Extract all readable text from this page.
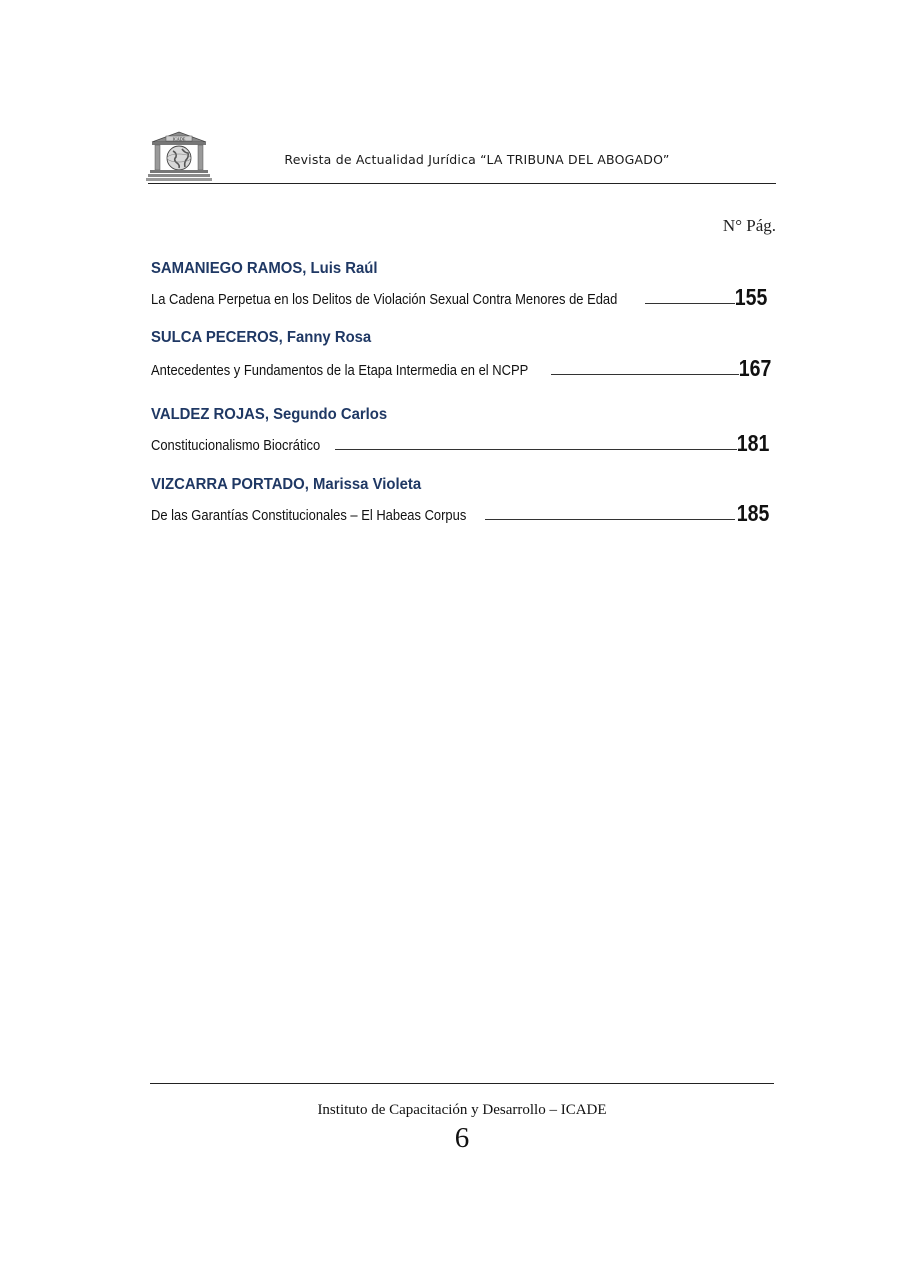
ICADE
Revista de Actualidad Jurídica “LA TRIBUNA DEL ABOGADO”
N° Pág.
SAMANIEGO RAMOS, Luis Raúl
La Cadena Perpetua en los Delitos de Violación Sexual Contra Menores de Edad	155
SULCA PECEROS, Fanny Rosa
Antecedentes y Fundamentos de la Etapa Intermedia en el NCPP	167
VALDEZ ROJAS, Segundo Carlos
Constitucionalismo Biocrático	181
VIZCARRA PORTADO, Marissa Violeta
De las Garantías Constitucionales – El Habeas Corpus	185
Instituto de Capacitación y Desarrollo – ICADE
6
